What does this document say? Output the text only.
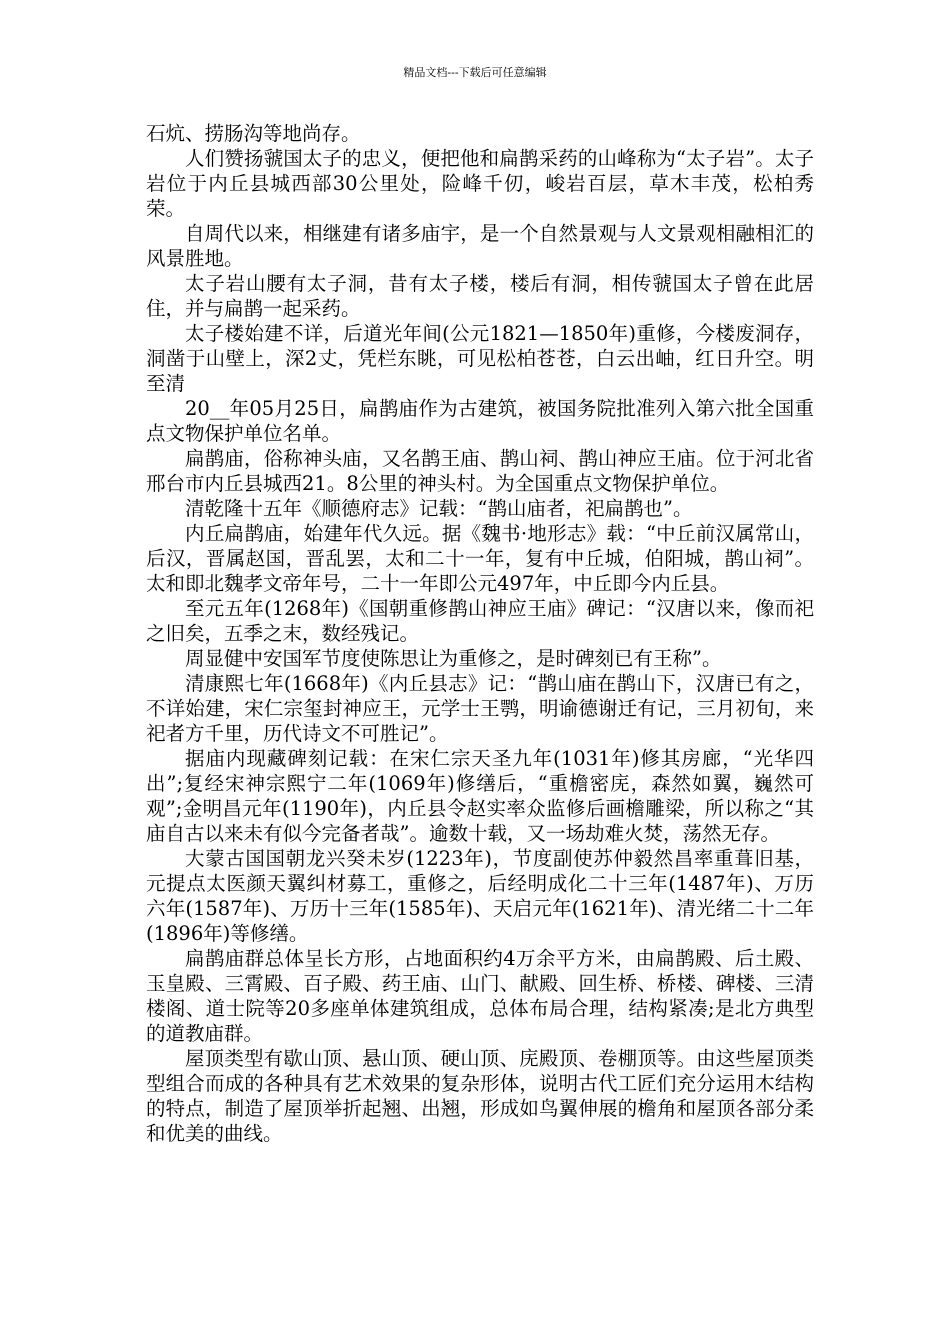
精品文档---下载后可任意编辑

石炕、捞肠沟等地尚存。

人们赞扬虢国太子的忠义，便把他和扁鹊采药的山峰称为“太子岩”。太子岩位于内丘县城西部30公里处，险峰千仞，峻岩百层，草木丰茂，松柏秀荣。

自周代以来，相继建有诸多庙宇，是一个自然景观与人文景观相融相汇的风景胜地。

太子岩山腰有太子洞，昔有太子楼，楼后有洞，相传虢国太子曾在此居住，并与扁鹊一起采药。

太子楼始建不详，后道光年间(公元1821—1850年)重修，今楼废洞存，洞凿于山壁上，深2丈，凭栏东眺，可见松柏苍苍，白云出岫，红日升空。明至清

20__年05月25日，扁鹊庙作为古建筑，被国务院批准列入第六批全国重点文物保护单位名单。

扁鹊庙，俗称神头庙，又名鹊王庙、鹊山祠、鹊山神应王庙。位于河北省邢台市内丘县城西21。8公里的神头村。为全国重点文物保护单位。

清乾隆十五年《顺德府志》记载：“鹊山庙者，祀扁鹊也”。

内丘扁鹊庙，始建年代久远。据《魏书·地形志》载：“中丘前汉属常山，后汉，晋属赵国，晋乱罢，太和二十一年，复有中丘城，伯阳城，鹊山祠”。太和即北魏孝文帝年号，二十一年即公元497年，中丘即今内丘县。

至元五年(1268年)《国朝重修鹊山神应王庙》碑记：“汉唐以来，像而祀之旧矣，五季之末，数经残记。

周显健中安国军节度使陈思让为重修之，是时碑刻已有王称”。

清康熙七年(1668年)《内丘县志》记：“鹊山庙在鹊山下，汉唐已有之，不详始建，宋仁宗玺封神应王，元学士王鹗，明谕德谢迁有记，三月初旬，来祀者方千里，历代诗文不可胜记”。

据庙内现藏碑刻记载：在宋仁宗天圣九年(1031年)修其房廊，“光华四出”;复经宋神宗熙宁二年(1069年)修缮后，“重檐密庑，森然如翼，巍然可观”;金明昌元年(1190年)，内丘县令赵实率众监修后画檐雕梁，所以称之“其庙自古以来未有似今完备者哉”。逾数十载，又一场劫难火焚，荡然无存。

大蒙古国国朝龙兴癸未岁(1223年)，节度副使苏仲毅然昌率重葺旧基，元提点太医颜天翼纠材募工，重修之，后经明成化二十三年(1487年)、万历六年(1587年)、万历十三年(1585年)、天启元年(1621年)、清光绪二十二年(1896年)等修缮。

扁鹊庙群总体呈长方形，占地面积约4万余平方米，由扁鹊殿、后土殿、玉皇殿、三霄殿、百子殿、药王庙、山门、献殿、回生桥、桥楼、碑楼、三清楼阁、道士院等20多座单体建筑组成，总体布局合理，结构紧凑;是北方典型的道教庙群。

屋顶类型有歇山顶、悬山顶、硬山顶、庑殿顶、卷棚顶等。由这些屋顶类型组合而成的各种具有艺术效果的复杂形体，说明古代工匠们充分运用木结构的特点，制造了屋顶举折起翘、出翘，形成如鸟翼伸展的檐角和屋顶各部分柔和优美的曲线。
